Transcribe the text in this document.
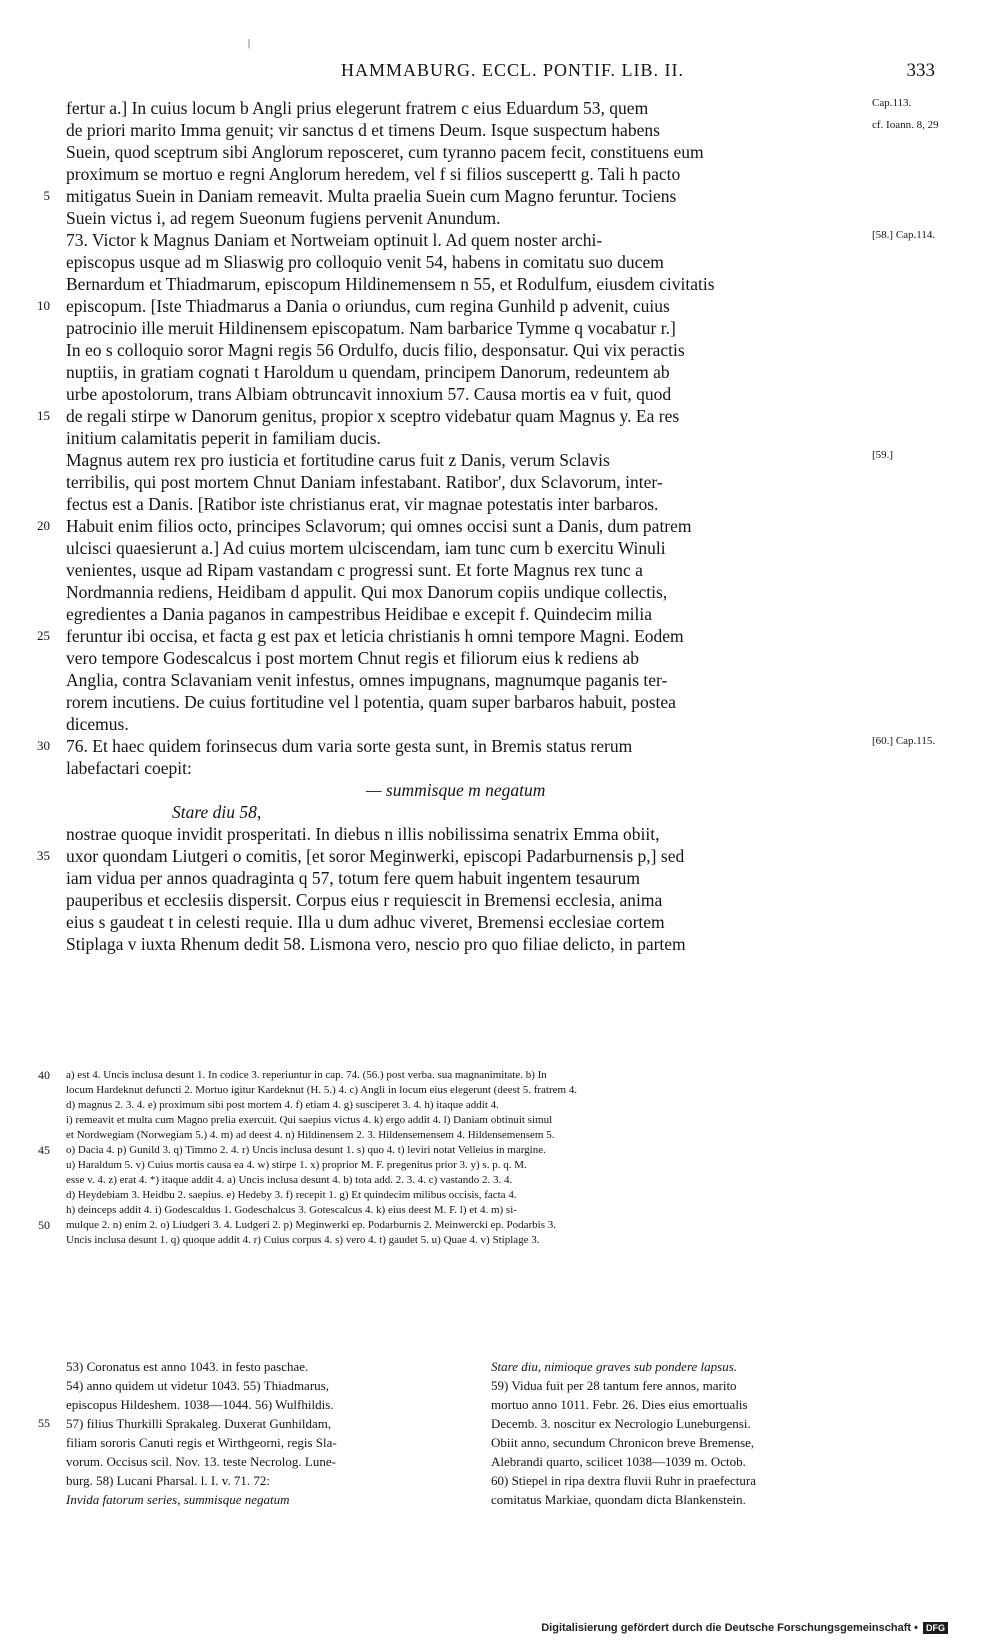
|
HAMMABURG. ECCL. PONTIF. LIB. II.	333
fertur a.] In cuius locum b Angli prius elegerunt fratrem c eius Eduardum 53, quem	Cap.113.
de priori marito Imma genuit; vir sanctus d et timens Deum. Isque suspectum habens	cf. Ioann. 8, 29
Suein, quod sceptrum sibi Anglorum reposceret, cum tyranno pacem fecit, constituens eum
proximum se mortuo e regni Anglorum heredem, vel f si filios suscepertt g. Tali h pacto
5 mitigatus Suein in Daniam remeavit. Multa praelia Suein cum Magno feruntur. Tociens
Suein victus i, ad regem Sueonum fugiens pervenit Anundum.
73. Victor k Magnus Daniam et Nortweiam optinuit l. Ad quem noster archi-	[58.] Cap.114.
episcopus usque ad m Sliaswig pro colloquio venit 54, habens in comitatu suo ducem
Bernardum et Thiadmarum, episcopum Hildinemensem n 55, et Rodulfum, eiusdem civitatis
10 episcopum. [Iste Thiadmarus a Dania o oriundus, cum regina Gunhild p advenit, cuius
patrocinio ille meruit Hildinensem episcopatum. Nam barbarice Tymme q vocabatur r.]
In eo s colloquio soror Magni regis 56 Ordulfo, ducis filio, desponsatur. Qui vix peractis
nuptiis, in gratiam cognati t Haroldum u quendam, principem Danorum, redeuntem ab
urbe apostolorum, trans Albiam obtruncavit innoxium 57. Causa mortis ea v fuit, quod
15 de regali stirpe w Danorum genitus, propior x sceptro videbatur quam Magnus y. Ea res
initium calamitatis peperit in familiam ducis.
Magnus autem rex pro iusticia et fortitudine carus fuit z Danis, verum Sclavis	[59.]
terribilis, qui post mortem Chnut Daniam infestabant. Ratibor', dux Sclavorum, inter-
fectus est a Danis. [Ratibor iste christianus erat, vir magnae potestatis inter barbaros.
20 Habuit enim filios octo, principes Sclavorum; qui omnes occisi sunt a Danis, dum patrem
ulcisci quaesierunt a.] Ad cuius mortem ulciscendam, iam tunc cum b exercitu Winuli
venientes, usque ad Ripam vastandam c progressi sunt. Et forte Magnus rex tunc a
Nordmannia rediens, Heidibam d appulit. Qui mox Danorum copiis undique collectis,
egredientes a Dania paganos in campestribus Heidibae e excepit f. Quindecim milia
25 feruntur ibi occisa, et facta g est pax et leticia christianis h omni tempore Magni. Eodem
vero tempore Godescalcus i post mortem Chnut regis et filiorum eius k rediens ab
Anglia, contra Sclavaniam venit infestus, omnes impugnans, magnumque paganis ter-
rorem incutiens. De cuius fortitudine vel l potentia, quam super barbaros habuit, postea
dicemus.
30 76. Et haec quidem forinsecus dum varia sorte gesta sunt, in Bremis status rerum	[60.] Cap.115.
labefactari coepit:
— summisque m negatum
Stare diu 58,
nostrae quoque invidit prosperitati. In diebus n illis nobilissima senatrix Emma obiit,
35 uxor quondam Liutgeri o comitis, [et soror Meginwerki, episcopi Padarburnensis p,] sed
iam vidua per annos quadraginta q 57, totum fere quem habuit ingentem tesaurum
pauperibus et ecclesiis dispersit. Corpus eius r requiescit in Bremensi ecclesia, anima
eius s gaudeat t in celesti requie. Illa u dum adhuc viveret, Bremensi ecclesiae cortem
Stiplaga v iuxta Rhenum dedit 58. Lismona vero, nescio pro quo filiae delicto, in partem
40 a) est 4. Uncis inclusa desunt 1. In codice 3. reperiuntur in cap. 74. (56.) post verba. sua magnanimitate. b) In
locum Hardeknut defuncti 2. Mortuo igitur Kardeknut (H. 5.) 4. c) Angli in locum eius elegerunt (deest 5. fratrem 4.
d) magnus 2. 3. 4. e) proximum sibi post mortem 4. f) etiam 4. g) susciperet 3. 4. h) itaque addit 4.
i) remeavit et multa cum Magno prelia exercuit. Qui saepius victus 4. k) ergo addit 4. l) Daniam obtinuit simul
et Nordwegiam (Norwegiam 5.) 4. m) ad deest 4. n) Hildinensem 2. 3. Hildensemensem 4. Hildensemensem 5.
45 o) Dacia 4. p) Gunild 3. q) Timmo 2. 4. r) Uncis inclusa desunt 1. s) quo 4. t) leviri notat Velleius in margine.
u) Haraldum 5. v) Cuius mortis causa ea 4. w) stirpe 1. x) proprior M. F. pregenitus prior 3. y) s. p. q. M.
esse v. 4. z) erat 4. *) itaque addit 4. a) Uncis inclusa desunt 4. b) tota add. 2. 3. 4. c) vastando 2. 3. 4.
d) Heydebiam 3. Heidbu 2. saepius. e) Hedeby 3. f) recepit 1. g) Et quindecim milibus occisis, facta 4.
h) deinceps addit 4. i) Godescaldus 1. Godeschalcus 3. Gotescalcus 4. k) eius deest M. F. l) et 4. m) si-
50 mulque 2. n) enim 2. o) Liudgeri 3. 4. Ludgeri 2. p) Meginwerki ep. Podarburnis 2. Meinwercki ep. Podarbis 3.
Uncis inclusa desunt 1. q) quoque addit 4. r) Cuius corpus 4. s) vero 4. t) gaudet 5. u) Quae 4. v) Stiplage 3.
53) Coronatus est anno 1043. in festo paschae.
54) anno quidem ut videtur 1043. 55) Thiadmarus,
episcopus Hildeshem. 1038—1044. 56) Wulfhildis.
55 57) filius Thurkilli Sprakaleg. Duxerat Gunhildam,
filiam sororis Canuti regis et Wirthgeorni, regis Sla-
vorum. Occisus scil. Nov. 13. teste Necrolog. Lune-
burg. 58) Lucani Pharsal. l. I. v. 71. 72:
Invida fatorum series, summisque negatum
Stare diu, nimioque graves sub pondere lapsus.
59) Vidua fuit per 28 tantum fere annos, marito
mortuo anno 1011. Febr. 26. Dies eius emortualis
Decemb. 3. noscitur ex Necrologio Luneburgensi.
Obiit anno, secundum Chronicon breve Bremense,
Alebrandi quarto, scilicet 1038—1039 m. Octob.
60) Stiepel in ripa dextra fluvii Ruhr in praefectura
comitatus Markiae, quondam dicta Blankenstein.
Digitalisierung gefördert durch die Deutsche Forschungsgemeinschaft • DFG
